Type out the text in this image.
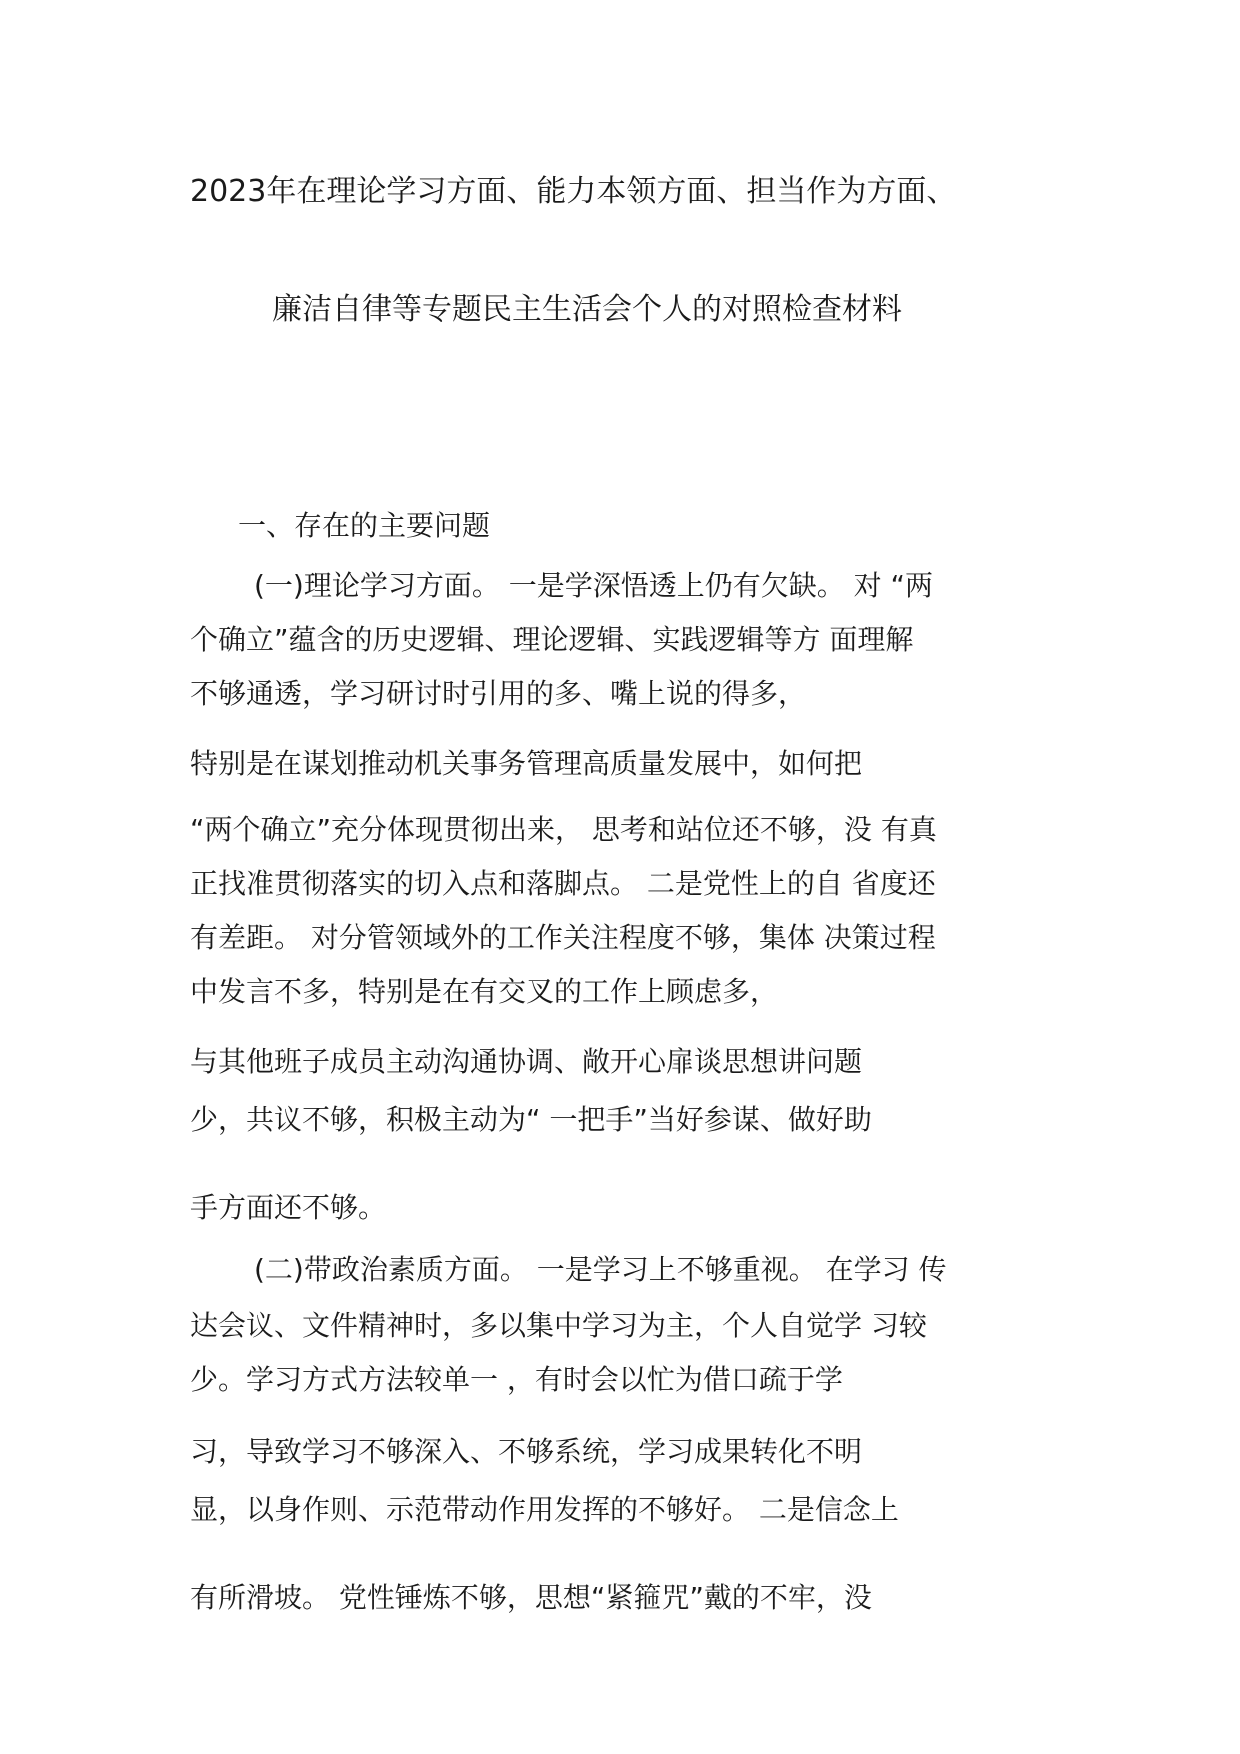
2023年在理论学习方面、能力本领方面、担当作为方面、
廉洁自律等专题民主生活会个人的对照检查材料
一、存在的主要问题
(一)理论学习方面。 一是学深悟透上仍有欠缺。 对 “两
个确立”蕴含的历史逻辑、理论逻辑、实践逻辑等方 面理解
不够通透，学习研讨时引用的多、嘴上说的得多，
特别是在谋划推动机关事务管理高质量发展中，如何把
“两个确立”充分体现贯彻出来， 思考和站位还不够，没 有真
正找准贯彻落实的切入点和落脚点。 二是党性上的自 省度还
有差距。 对分管领域外的工作关注程度不够，集体 决策过程
中发言不多，特别是在有交叉的工作上顾虑多，
与其他班子成员主动沟通协调、敞开心扉谈思想讲问题
少，共议不够，积极主动为“ 一把手”当好参谋、做好助
手方面还不够。
(二)带政治素质方面。 一是学习上不够重视。 在学习 传
达会议、文件精神时，多以集中学习为主，个人自觉学 习较
少。学习方式方法较单一 ，有时会以忙为借口疏于学
习，导致学习不够深入、不够系统，学习成果转化不明
显，以身作则、示范带动作用发挥的不够好。 二是信念上
有所滑坡。 党性锤炼不够，思想“紧箍咒”戴的不牢，没
